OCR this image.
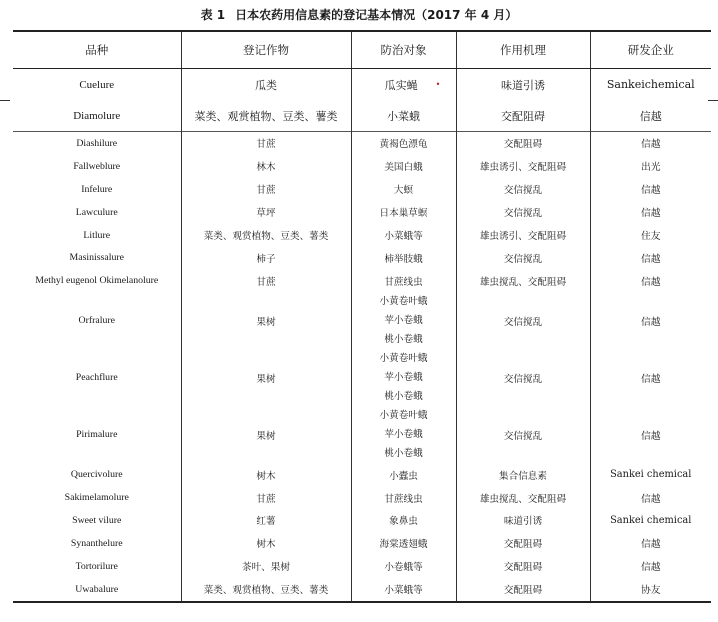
表 1 日本农药用信息素的登记基本情况（2017 年 4 月）
品种	登记作物	防治对象	作用机理	研发企业
Cuelure	瓜类	瓜实蝇 •	味道引诱	Sankeichemical
Diamolure	菜类、观赏植物、豆类、薯类	小菜蛾	交配阻碍	信越
Diashilure	甘蔗	黄褐色漂龟	交配阻碍	信越
Fallweblure	林木	美国白蛾	雄虫诱引、交配阻碍	出光
Infelure	甘蔗	大螟	交信搅乱	信越
Lawculure	草坪	日本巢草螟	交信搅乱	信越
Litlure	菜类、观赏植物、豆类、薯类	小菜蛾等	雄虫诱引、交配阻碍	住友
Masinissalure	柿子	柿举肢蛾	交信搅乱	信越
Methyl eugenol Okimelanolure	甘蔗	甘蔗线虫	雄虫搅乱、交配阻碍	信越
Orfralure	果树	小黄卷叶蛾
苹小卷蛾
桃小卷蛾	交信搅乱	信越
Peachflure	果树	小黄卷叶蛾
苹小卷蛾
桃小卷蛾	交信搅乱	信越
Pirimalure	果树	小黄卷叶蛾
苹小卷蛾
桃小卷蛾	交信搅乱	信越
Quercivolure	树木	小蠹虫	集合信息素	Sankei chemical
Sakimelamolure	甘蔗	甘蔗线虫	雄虫搅乱、交配阻碍	信越
Sweet vilure	红薯	象鼻虫	味道引诱	Sankei chemical
Synanthelure	树木	海棠透翅蛾	交配阻碍	信越
Tortorilure	茶叶、果树	小卷蛾等	交配阻碍	信越
Uwabalure	菜类、观赏植物、豆类、薯类	小菜蛾等	交配阻碍	协友
